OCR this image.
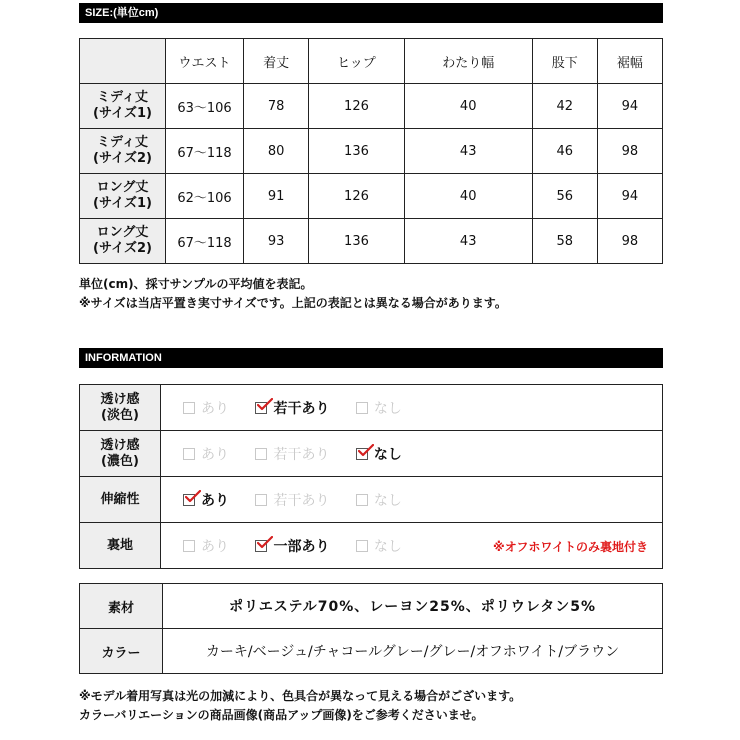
SIZE:(単位cm)
	ウエスト	着丈	ヒップ	わたり幅	股下	裾幅
ミディ丈
(サイズ1)	63〜106	78	126	40	42	94
ミディ丈
(サイズ2)	67〜118	80	136	43	46	98
ロング丈
(サイズ1)	62〜106	91	126	40	56	94
ロング丈
(サイズ2)	67〜118	93	136	43	58	98
単位(cm)、採寸サンプルの平均値を表記。
※サイズは当店平置き実寸サイズです。上記の表記とは異なる場合があります。
INFORMATION
透け感
(淡色)	あり 若干あり なし
透け感
(濃色)	あり 若干あり なし
伸縮性	あり 若干あり なし
裏地	あり 一部あり なし ※オフホワイトのみ裏地付き
素材	ポリエステル70%、レーヨン25%、ポリウレタン5%
カラー	カーキ/ベージュ/チャコールグレー/グレー/オフホワイト/ブラウン
※モデル着用写真は光の加減により、色具合が異なって見える場合がございます。
カラーバリエーションの商品画像(商品アップ画像)をご参考くださいませ。
